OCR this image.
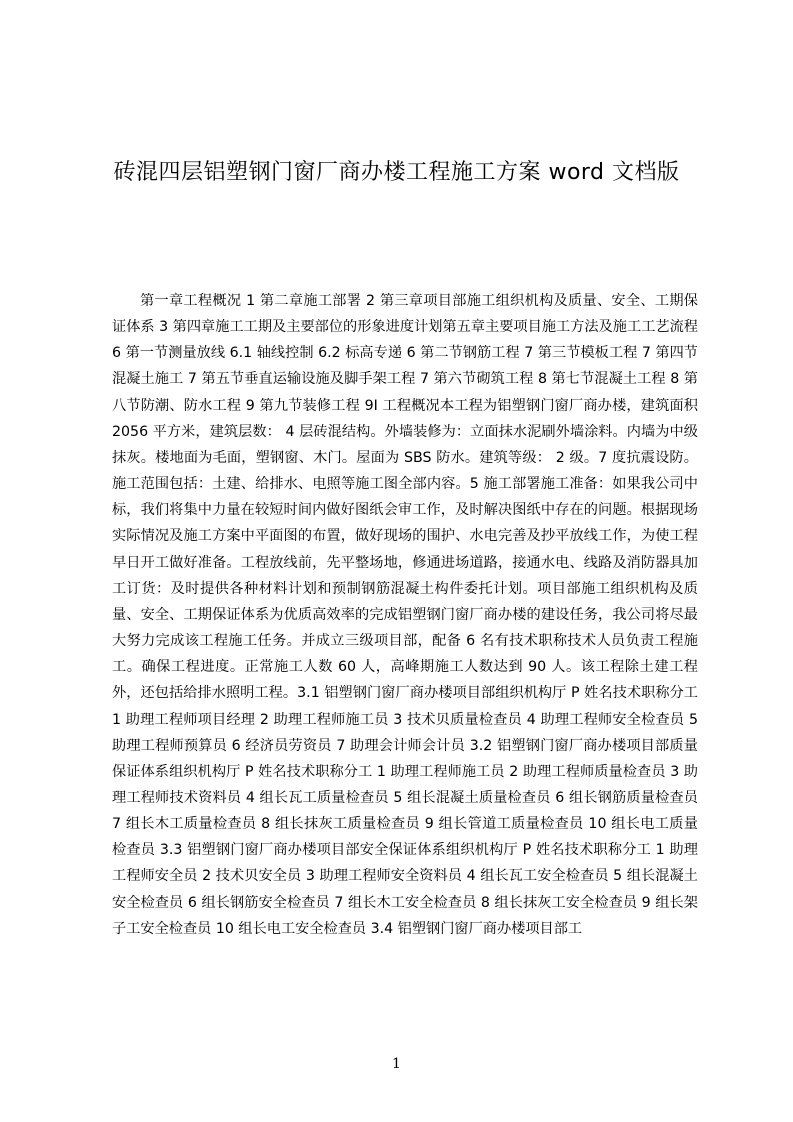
砖混四层铝塑钢门窗厂商办楼工程施工方案 word 文档版

第一章工程概况 1 第二章施工部署 2 第三章项目部施工组织机构及质量、安全、工期保证体系 3 第四章施工工期及主要部位的形象进度计划第五章主要项目施工方法及施工工艺流程 6 第一节测量放线 6.1 轴线控制 6.2 标高专递 6 第二节钢筋工程 7 第三节模板工程 7 第四节混凝土施工 7 第五节垂直运输设施及脚手架工程 7 第六节砌筑工程 8 第七节混凝土工程 8 第八节防潮、防水工程 9 第九节装修工程 9I 工程概况本工程为铝塑钢门窗厂商办楼，建筑面积 2056 平方米，建筑层数： 4 层砖混结构。外墙装修为：立面抹水泥刷外墙涂料。内墙为中级抹灰。楼地面为毛面，塑钢窗、木门。屋面为 SBS 防水。建筑等级： 2 级。7 度抗震设防。施工范围包括：土建、给排水、电照等施工图全部内容。5 施工部署施工准备：如果我公司中标，我们将集中力量在较短时间内做好图纸会审工作，及时解决图纸中存在的问题。根据现场实际情况及施工方案中平面图的布置，做好现场的围护、水电完善及抄平放线工作，为使工程早日开工做好准备。工程放线前，先平整场地，修通进场道路，接通水电、线路及消防器具加工订货：及时提供各种材料计划和预制钢筋混凝土构件委托计划。项目部施工组织机构及质量、安全、工期保证体系为优质高效率的完成铝塑钢门窗厂商办楼的建设任务，我公司将尽最大努力完成该工程施工任务。并成立三级项目部，配备 6 名有技术职称技术人员负责工程施工。确保工程进度。正常施工人数 60 人，高峰期施工人数达到 90 人。该工程除土建工程外，还包括给排水照明工程。3.1 铝塑钢门窗厂商办楼项目部组织机构厅 P 姓名技术职称分工 1 助理工程师项目经理 2 助理工程师施工员 3 技术贝质量检查员 4 助理工程师安全检查员 5 助理工程师预算员 6 经济员劳资员 7 助理会计师会计员 3.2 铝塑钢门窗厂商办楼项目部质量保证体系组织机构厅 P 姓名技术职称分工 1 助理工程师施工员 2 助理工程师质量检查员 3 助理工程师技术资料员 4 组长瓦工质量检查员 5 组长混凝土质量检查员 6 组长钢筋质量检查员 7 组长木工质量检查员 8 组长抹灰工质量检查员 9 组长管道工质量检查员 10 组长电工质量检查员 3.3 铝塑钢门窗厂商办楼项目部安全保证体系组织机构厅 P 姓名技术职称分工 1 助理工程师安全员 2 技术贝安全员 3 助理工程师安全资料员 4 组长瓦工安全检查员 5 组长混凝土安全检查员 6 组长钢筋安全检查员 7 组长木工安全检查员 8 组长抹灰工安全检查员 9 组长架子工安全检查员 10 组长电工安全检查员 3.4 铝塑钢门窗厂商办楼项目部工

1
